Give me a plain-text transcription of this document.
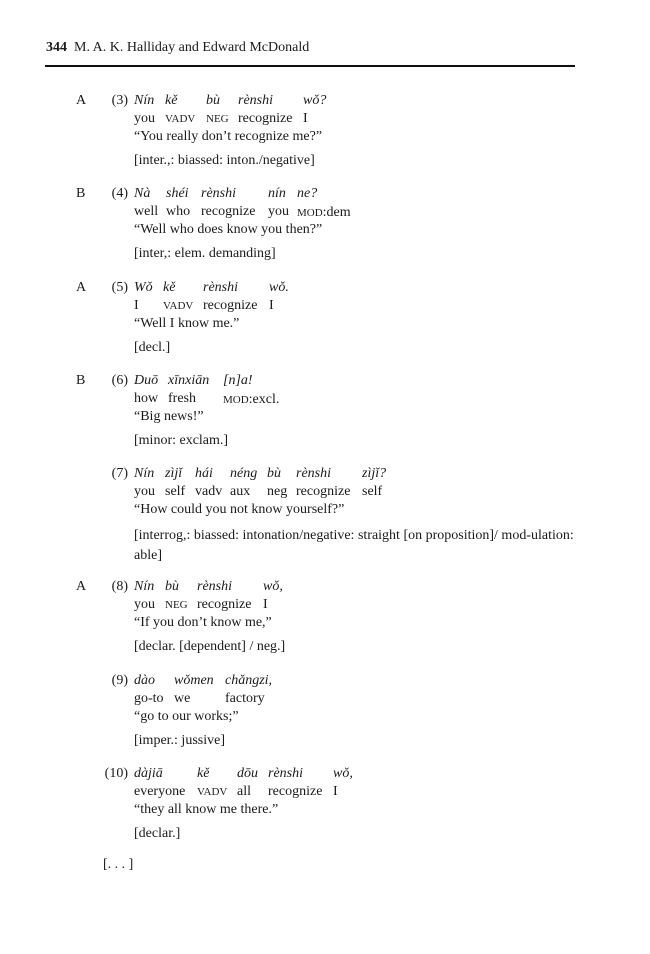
344 M. A. K. Halliday and Edward McDonald
A (3) Nín kě bù rènshi wǒ?
you vadv neg recognize I
“You really don’t recognize me?”
[inter.,: biassed: inton./negative]
B (4) Nà shéi rènshi nín ne?
well who recognize you mod:dem
“Well who does know you then?”
[inter,: elem. demanding]
A (5) Wǒ kě rènshi wǒ.
I vadv recognize I
“Well I know me.”
[decl.]
B (6) Duō xīnxiān [n]a!
how fresh mod:excl.
“Big news!”
[minor: exclam.]
(7) Nín zìjǐ hái néng bù rènshi zìjǐ?
you self vadv aux neg recognize self
“How could you not know yourself?”
[interrog,: biassed: intonation/negative: straight [on proposition]/ mod-ulation: able]
A (8) Nín bù rènshi wǒ,
you neg recognize I
“If you don’t know me,”
[declar. [dependent] / neg.]
(9) dào wǒmen chǎngzi,
go-to we factory
“go to our works;”
[imper.: jussive]
(10) dàjiā kě dōu rènshi wǒ,
everyone vadv all recognize I
“they all know me there.”
[declar.]
[. . . ]
